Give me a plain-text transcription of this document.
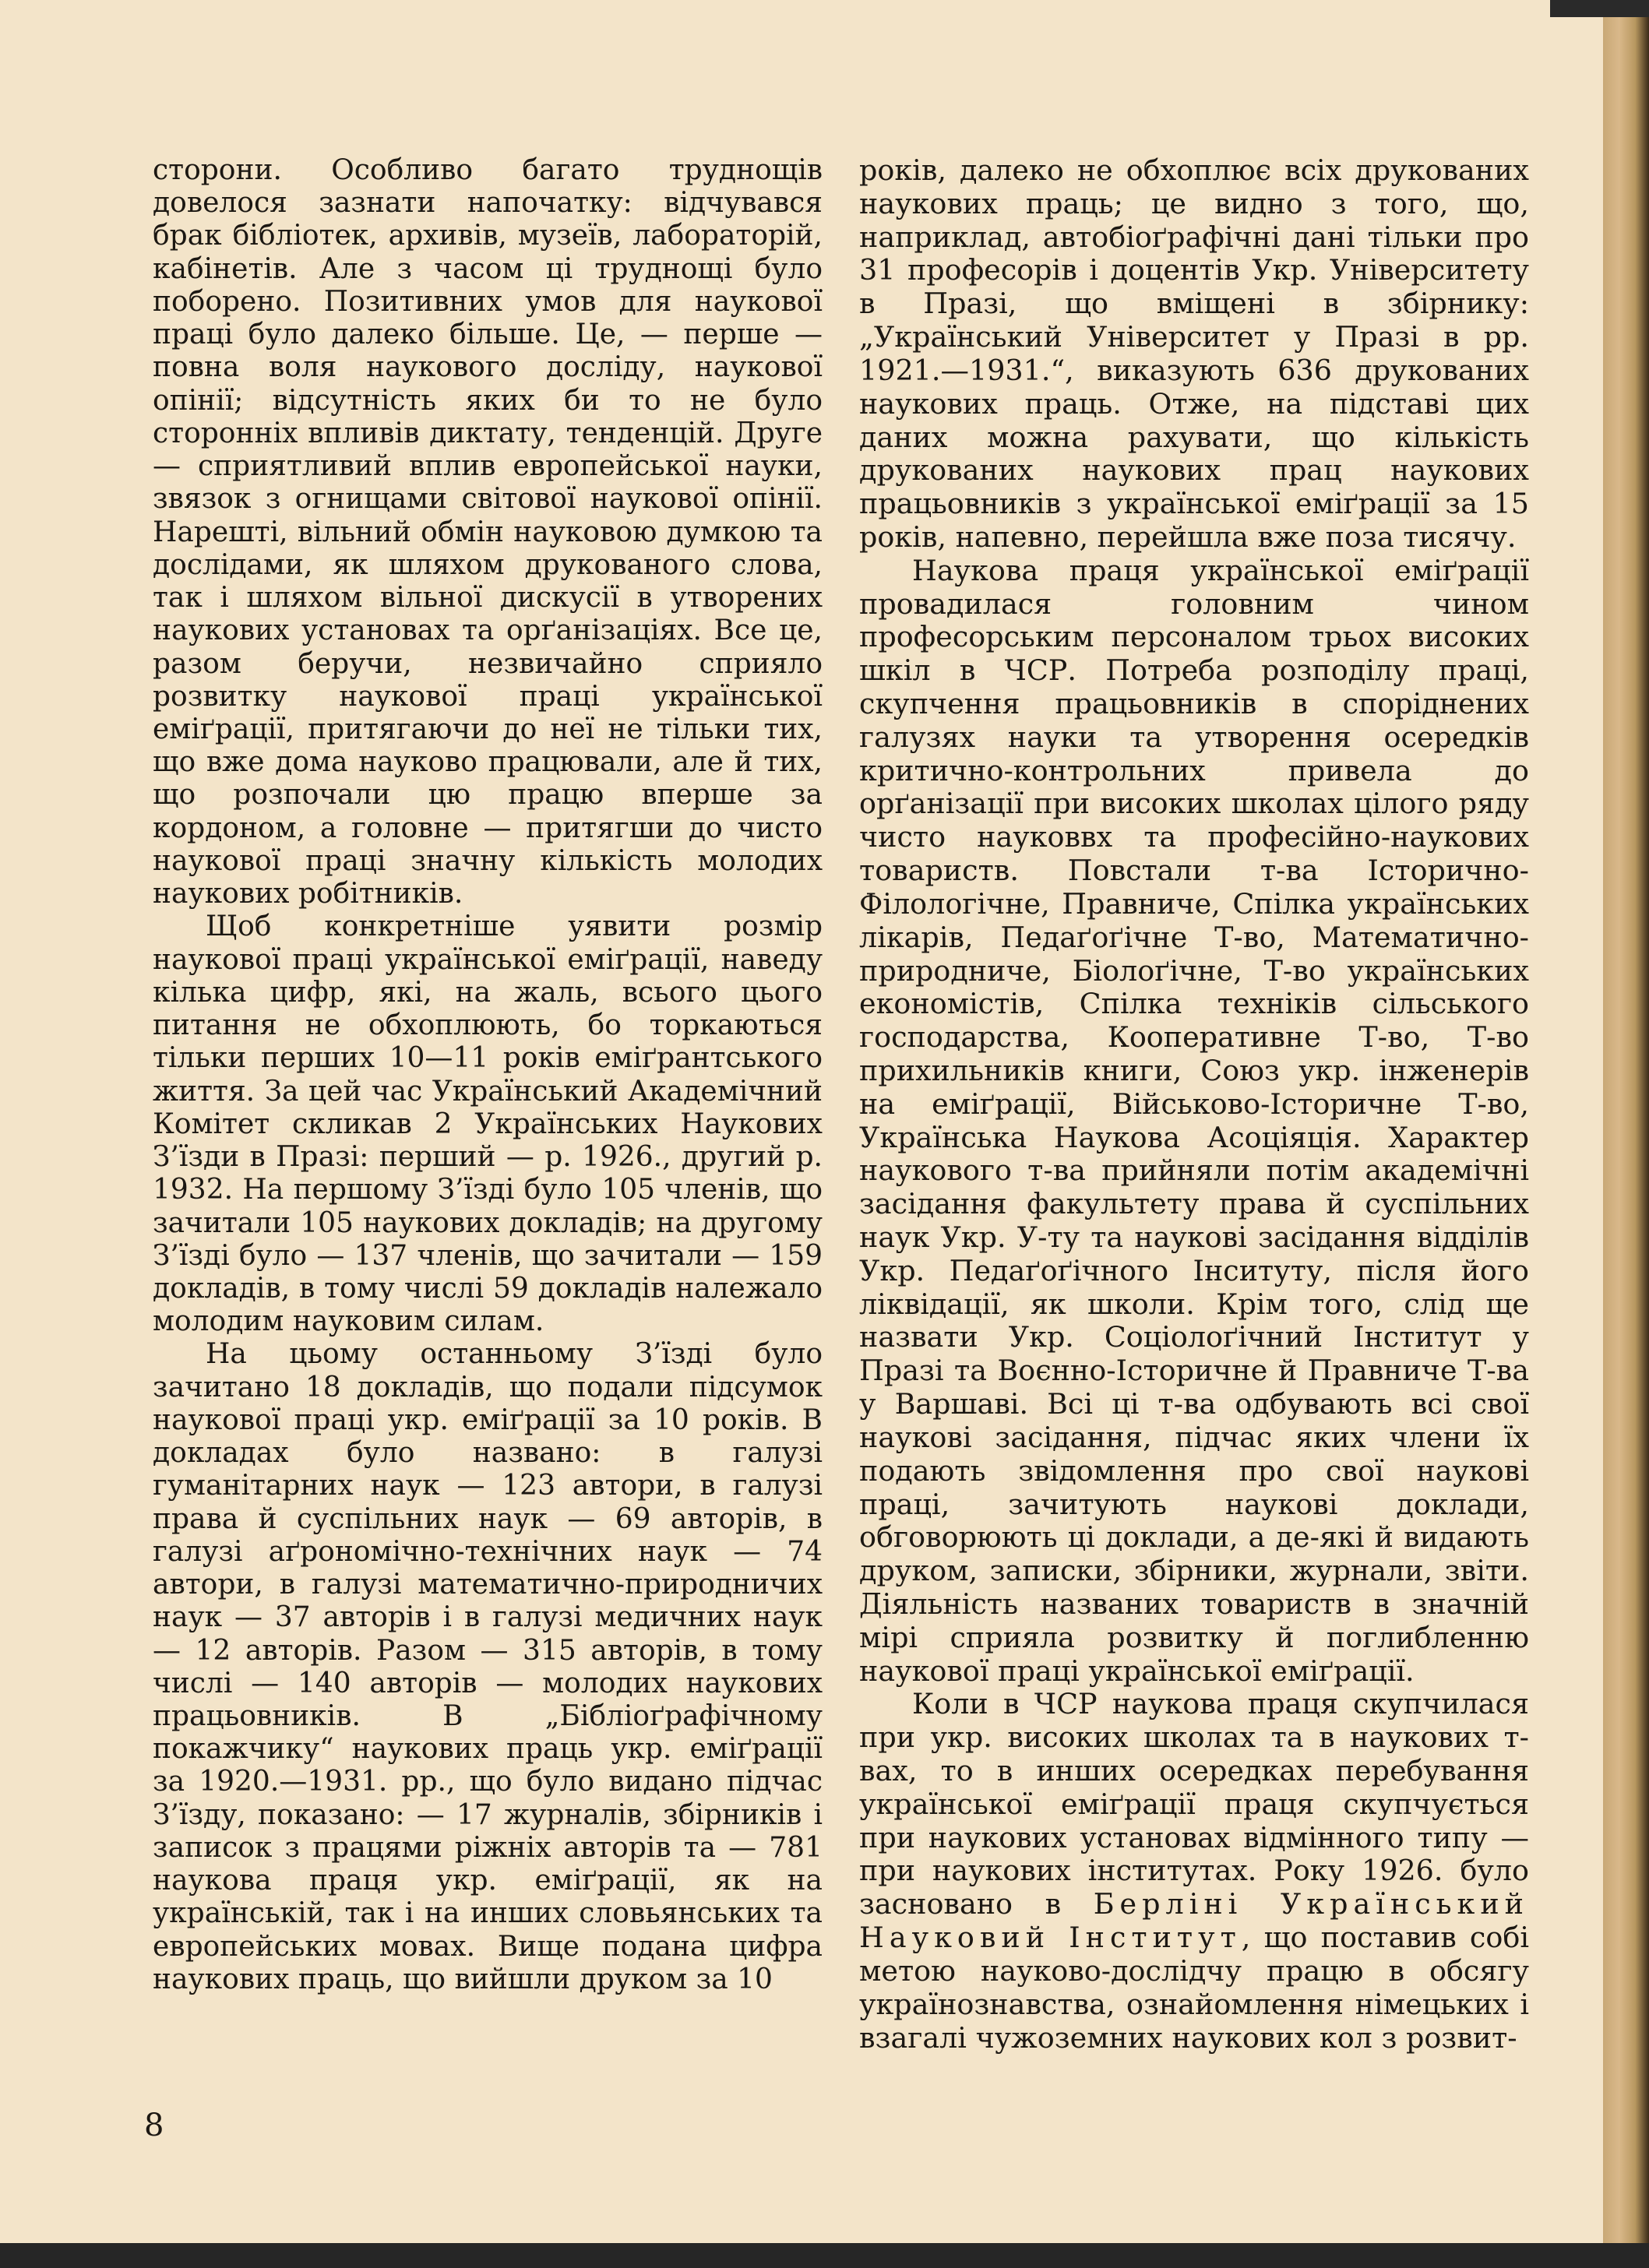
сторони. Особливо багато труднощів довелося зазнати напочатку: відчувався брак бібліотек, архивів, музеїв, лабораторій, кабінетів. Але з часом ці труднощі було поборено. Позитивних умов для наукової праці було далеко більше. Це, — перше — повна воля наукового досліду, наукової опінії; відсутність яких би то не було сторонніх впливів диктату, тенденцій. Друге — сприятливий вплив европейської науки, звязок з огнищами світової наукової опінії. Нарешті, вільний обмін науковою думкою та дослідами, як шляхом друкованого слова, так і шляхом вільної дискусії в утворених наукових установах та орґанізаціях. Все це, разом беручи, незвичайно сприяло розвитку наукової праці української еміґрації, притягаючи до неї не тільки тих, що вже дома науково працювали, але й тих, що розпочали цю працю вперше за кордоном, а головне — притягши до чисто наукової праці значну кількість молодих наукових робітників.

Щоб конкретніше уявити розмір наукової праці української еміґрації, наведу кілька цифр, які, на жаль, всього цього питання не обхоплюють, бо торкаються тільки перших 10—11 років еміґрантського життя. За цей час Український Академічний Комітет скликав 2 Українських Наукових З’їзди в Празі: перший — р. 1926., другий р. 1932. На першому З’їзді було 105 членів, що зачитали 105 наукових докладів; на другому З’їзді було — 137 членів, що зачитали — 159 докладів, в тому числі 59 докладів належало молодим науковим силам.

На цьому останньому З’їзді було зачитано 18 докладів, що подали підсумок наукової праці укр. еміґрації за 10 років. В докладах було названо: в галузі гуманітарних наук — 123 автори, в галузі права й суспільних наук — 69 авторів, в галузі аґрономічно-технічних наук — 74 автори, в галузі математично-природничих наук — 37 авторів і в галузі медичних наук — 12 авторів. Разом — 315 авторів, в тому числі — 140 авторів — молодих наукових працьовників. В „Бібліоґрафічному покажчику“ наукових праць укр. еміґрації за 1920.—1931. рр., що було видано підчас З’їзду, показано: — 17 журналів, збірників і записок з працями ріжніх авторів та — 781 наукова праця укр. еміґрації, як на українській, так і на инших словьянських та европейських мовах. Вище подана цифра наукових праць, що вийшли друком за 10

років, далеко не обхоплює всіх друкованих наукових праць; це видно з того, що, наприклад, автобіоґрафічні дані тільки про 31 професорів і доцентів Укр. Університету в Празі, що вміщені в збірнику: „Український Університет у Празі в рр. 1921.—1931.“, виказують 636 друкованих наукових праць. Отже, на підставі цих даних можна рахувати, що кількість друкованих наукових прац наукових працьовників з української еміґрації за 15 років, напевно, перейшла вже поза тисячу.

Наукова праця української еміґрації провадилася головним чином професорським персоналом трьох високих шкіл в ЧСР. Потреба розподілу праці, скупчення працьовників в споріднених галузях науки та утворення осередків критично-контрольних привела до орґанізації при високих школах цілого ряду чисто науковвх та професійно-наукових товариств. Повстали т-ва Історично-Філологічне, Правниче, Спілка українських лікарів, Педаґоґічне Т-во, Математично-природниче, Біолоґічне, Т-во українських економістів, Спілка техніків сільського господарства, Кооперативне Т-во, Т-во прихильників книги, Союз укр. інженерів на еміґрації, Військово-Історичне Т-во, Українська Наукова Асоціяція. Характер наукового т-ва прийняли потім академічні засідання факультету права й суспільних наук Укр. У-ту та наукові засідання відділів Укр. Педаґоґічного Інситуту, після його ліквідації, як школи. Крім того, слід ще назвати Укр. Соціолоґічний Інститут у Празі та Воєнно-Історичне й Правниче Т-ва у Варшаві. Всі ці т-ва одбувають всі свої наукові засідання, підчас яких члени їх подають звідомлення про свої наукові праці, зачитують наукові доклади, обговорюють ці доклади, а де-які й видають друком, записки, збірники, журнали, звіти. Діяльність названих товариств в значній мірі сприяла розвитку й поглибленню наукової праці української еміґрації.

Коли в ЧСР наукова праця скупчилася при укр. високих школах та в наукових т-вах, то в инших осередках перебування української еміґрації праця скупчується при наукових установах відмінного типу — при наукових інститутах. Року 1926. було засновано в Берліні Український Науковий Інститут, що поставив собі метою науково-дослідчу працю в обсягу українознавства, ознайомлення німецьких і взагалі чужоземних наукових кол з розвит-

8
